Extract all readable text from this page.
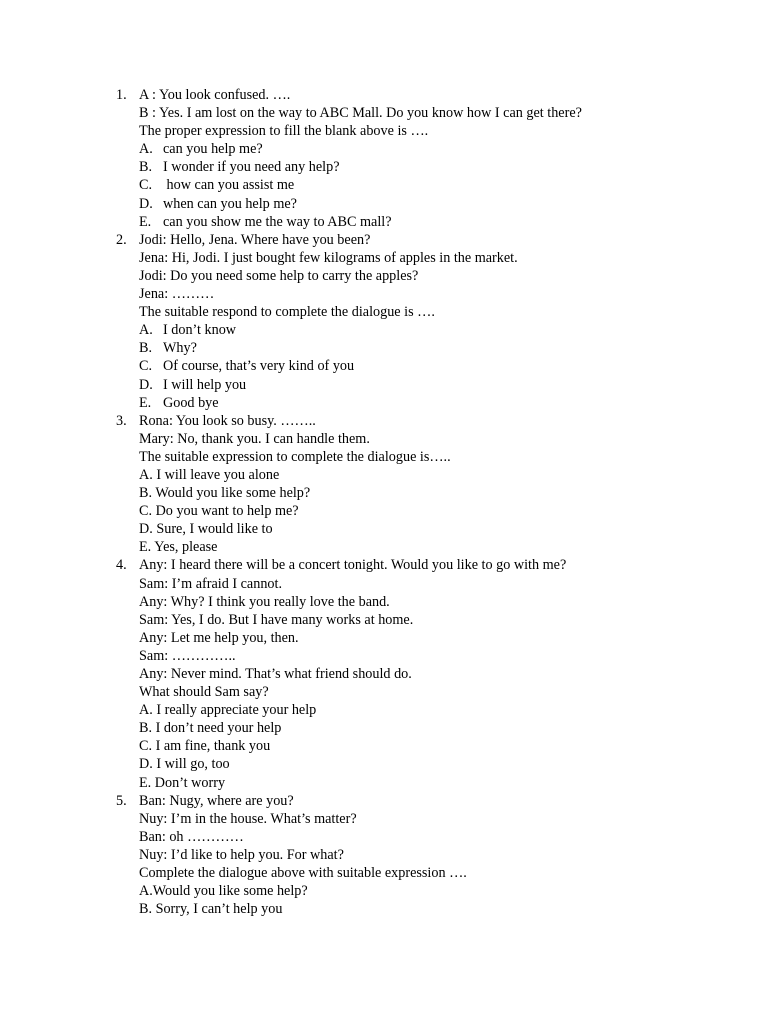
1. A : You look confused. ….
B : Yes. I am lost on the way to ABC Mall. Do you know how I can get there?
The proper expression to fill the blank above is ….
A. can you help me?
B. I wonder if you need any help?
C. how can you assist me
D. when can you help me?
E. can you show me the way to ABC mall?
2. Jodi: Hello, Jena. Where have you been?
Jena: Hi, Jodi. I just bought few kilograms of apples in the market.
Jodi: Do you need some help to carry the apples?
Jena: ………
The suitable respond to complete the dialogue is ….
A. I don’t know
B. Why?
C. Of course, that’s very kind of you
D. I will help you
E. Good bye
3. Rona: You look so busy. ……..
Mary: No, thank you. I can handle them.
The suitable expression to complete the dialogue is…..
A. I will leave you alone
B. Would you like some help?
C. Do you want to help me?
D. Sure, I would like to
E. Yes, please
4. Any: I heard there will be a concert tonight. Would you like to go with me?
Sam: I’m afraid I cannot.
Any: Why? I think you really love the band.
Sam: Yes, I do. But I have many works at home.
Any: Let me help you, then.
Sam: …………..
Any: Never mind. That’s what friend should do.
What should Sam say?
A. I really appreciate your help
B. I don’t need your help
C. I am fine, thank you
D. I will go, too
E. Don’t worry
5. Ban: Nugy, where are you?
Nuy: I’m in the house. What’s matter?
Ban: oh …………
Nuy: I’d like to help you. For what?
Complete the dialogue above with suitable expression ….
A.Would you like some help?
B. Sorry, I can’t help you
